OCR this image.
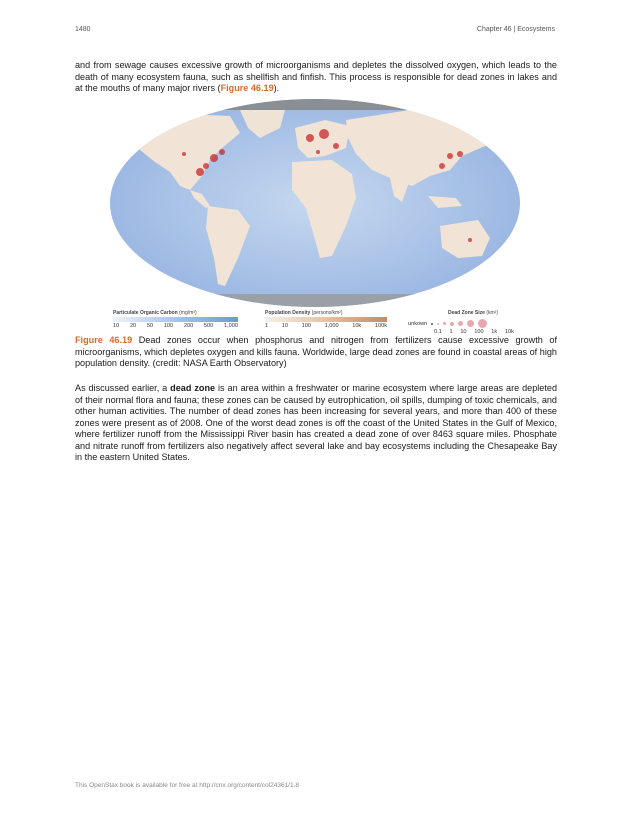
1480	Chapter 46 | Ecosystems
and from sewage causes excessive growth of microorganisms and depletes the dissolved oxygen, which leads to the death of many ecosystem fauna, such as shellfish and finfish. This process is responsible for dead zones in lakes and at the mouths of many major rivers (Figure 46.19).
Particulate Organic Carbon (mg/m³)
10 20 50 100 200 500 1,000
Population Density (persons/km²)
1 10 100 1,000 10k 100k
Dead Zone Size (km²)
unkown
0.1 1 10 100 1k 10k
Figure 46.19 Dead zones occur when phosphorus and nitrogen from fertilizers cause excessive growth of microorganisms, which depletes oxygen and kills fauna. Worldwide, large dead zones are found in coastal areas of high population density. (credit: NASA Earth Observatory)
As discussed earlier, a dead zone is an area within a freshwater or marine ecosystem where large areas are depleted of their normal flora and fauna; these zones can be caused by eutrophication, oil spills, dumping of toxic chemicals, and other human activities. The number of dead zones has been increasing for several years, and more than 400 of these zones were present as of 2008. One of the worst dead zones is off the coast of the United States in the Gulf of Mexico, where fertilizer runoff from the Mississippi River basin has created a dead zone of over 8463 square miles. Phosphate and nitrate runoff from fertilizers also negatively affect several lake and bay ecosystems including the Chesapeake Bay in the eastern United States.
This OpenStax book is available for free at http://cnx.org/content/col24361/1.8
